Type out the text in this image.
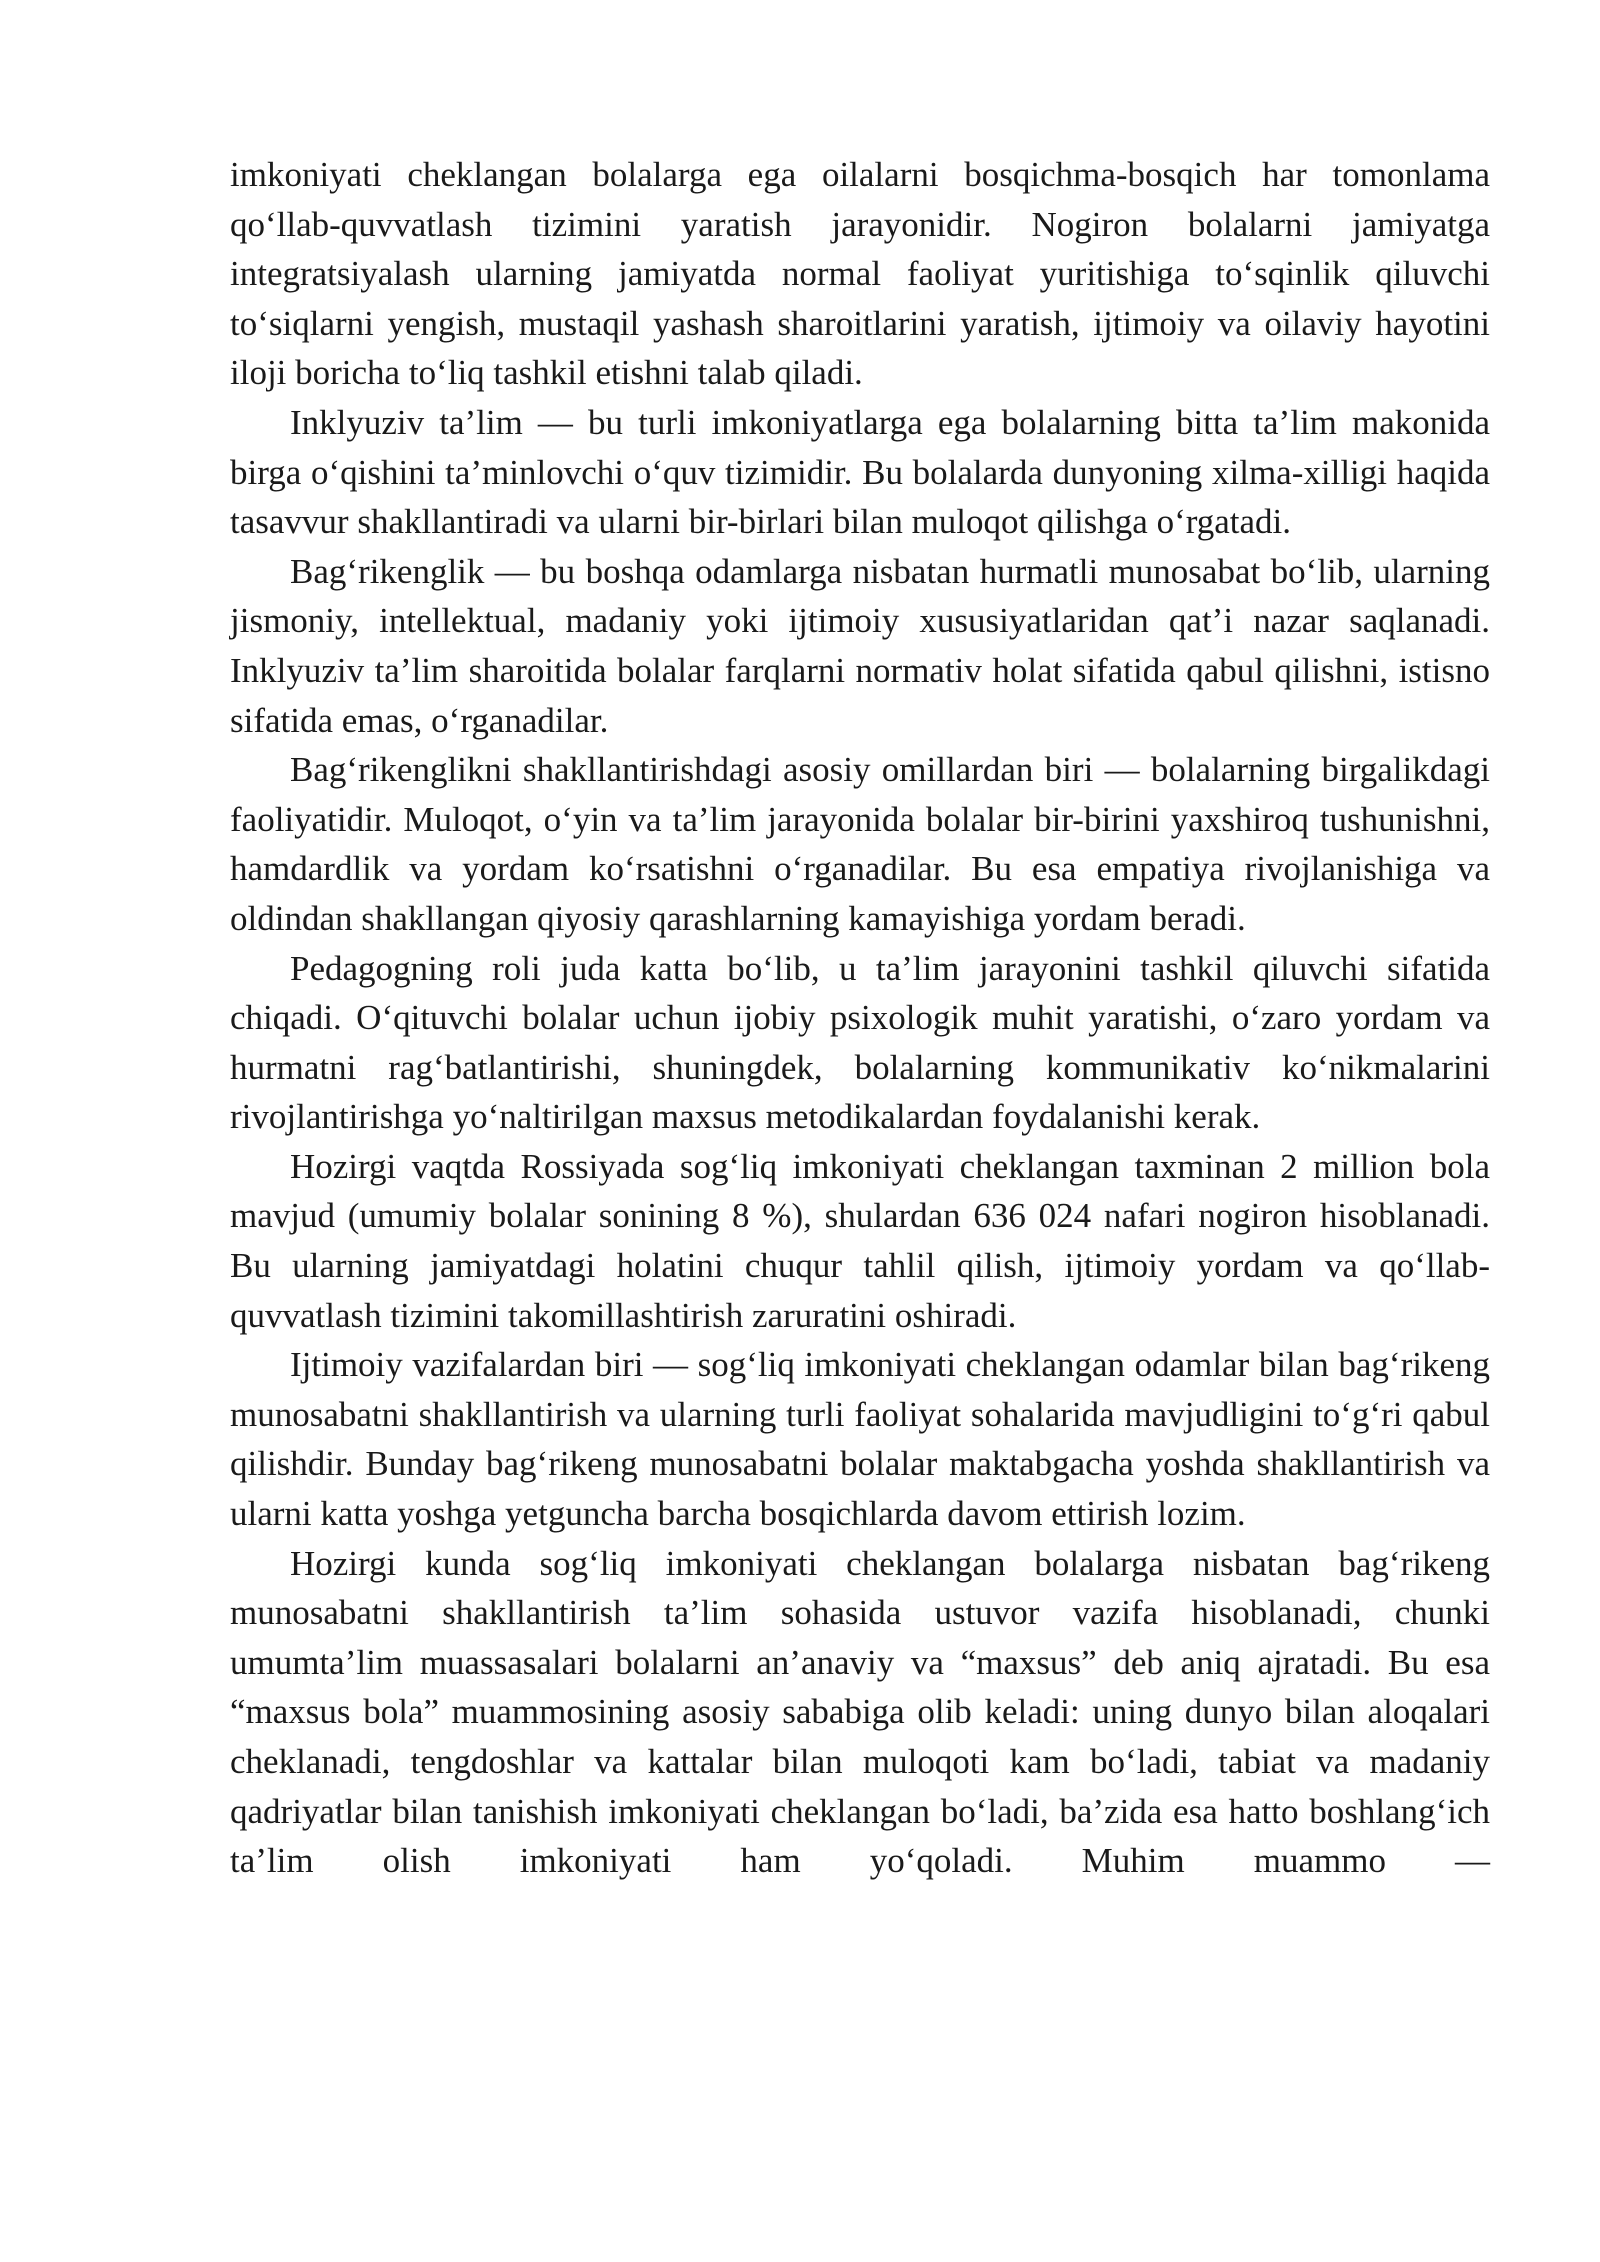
imkoniyati cheklangan bolalarga ega oilalarni bosqichma-bosqich har tomonlama qo‘llab-quvvatlash tizimini yaratish jarayonidir. Nogiron bolalarni jamiyatga integratsiyalash ularning jamiyatda normal faoliyat yuritishiga to‘sqinlik qiluvchi to‘siqlarni yengish, mustaqil yashash sharoitlarini yaratish, ijtimoiy va oilaviy hayotini iloji boricha to‘liq tashkil etishni talab qiladi.

Inklyuziv ta’lim — bu turli imkoniyatlarga ega bolalarning bitta ta’lim makonida birga o‘qishini ta’minlovchi o‘quv tizimidir. Bu bolalarda dunyoning xilma-xilligi haqida tasavvur shakllantiradi va ularni bir-birlari bilan muloqot qilishga o‘rgatadi.

Bag‘rikenglik — bu boshqa odamlarga nisbatan hurmatli munosabat bo‘lib, ularning jismoniy, intellektual, madaniy yoki ijtimoiy xususiyatlaridan qat’i nazar saqlanadi. Inklyuziv ta’lim sharoitida bolalar farqlarni normativ holat sifatida qabul qilishni, istisno sifatida emas, o‘rganadilar.

Bag‘rikenglikni shakllantirishdagi asosiy omillardan biri — bolalarning birgalikdagi faoliyatidir. Muloqot, o‘yin va ta’lim jarayonida bolalar bir-birini yaxshiroq tushunishni, hamdardlik va yordam ko‘rsatishni o‘rganadilar. Bu esa empatiya rivojlanishiga va oldindan shakllangan qiyosiy qarashlarning kamayishiga yordam beradi.

Pedagogning roli juda katta bo‘lib, u ta’lim jarayonini tashkil qiluvchi sifatida chiqadi. O‘qituvchi bolalar uchun ijobiy psixologik muhit yaratishi, o‘zaro yordam va hurmatni rag‘batlantirishi, shuningdek, bolalarning kommunikativ ko‘nikmalarini rivojlantirishga yo‘naltirilgan maxsus metodikalardan foydalanishi kerak.

Hozirgi vaqtda Rossiyada sog‘liq imkoniyati cheklangan taxminan 2 million bola mavjud (umumiy bolalar sonining 8 %), shulardan 636 024 nafari nogiron hisoblanadi. Bu ularning jamiyatdagi holatini chuqur tahlil qilish, ijtimoiy yordam va qo‘llab-quvvatlash tizimini takomillashtirish zaruratini oshiradi.

Ijtimoiy vazifalardan biri — sog‘liq imkoniyati cheklangan odamlar bilan bag‘rikeng munosabatni shakllantirish va ularning turli faoliyat sohalarida mavjudligini to‘g‘ri qabul qilishdir. Bunday bag‘rikeng munosabatni bolalar maktabgacha yoshda shakllantirish va ularni katta yoshga yetguncha barcha bosqichlarda davom ettirish lozim.

Hozirgi kunda sog‘liq imkoniyati cheklangan bolalarga nisbatan bag‘rikeng munosabatni shakllantirish ta’lim sohasida ustuvor vazifa hisoblanadi, chunki umumta’lim muassasalari bolalarni an’anaviy va “maxsus” deb aniq ajratadi. Bu esa “maxsus bola” muammosining asosiy sababiga olib keladi: uning dunyo bilan aloqalari cheklanadi, tengdoshlar va kattalar bilan muloqoti kam bo‘ladi, tabiat va madaniy qadriyatlar bilan tanishish imkoniyati cheklangan bo‘ladi, ba’zida esa hatto boshlang‘ich ta’lim olish imkoniyati ham yo‘qoladi. Muhim muammo —
